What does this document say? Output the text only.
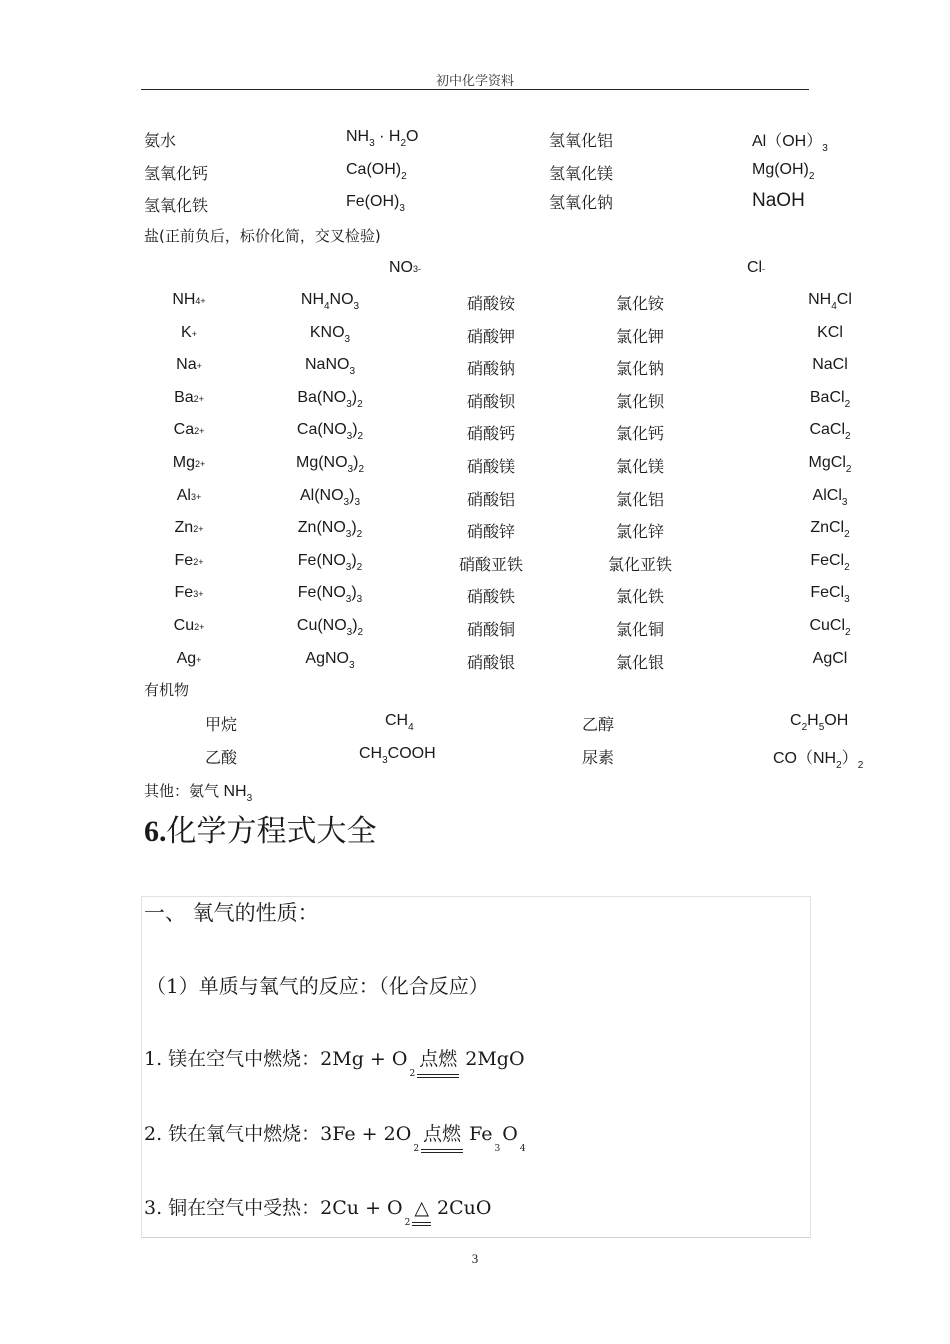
初中化学资料
氨水	$NH_3 \cdot H_2O$	氢氧化铝	$Al(OH)_3$
氢氧化钙	$Ca(OH)_2$	氢氧化镁	$Mg(OH)_2$
氢氧化铁	$Fe(OH)_3$	氢氧化钠	NaOH
盐(正前负后，标价化简，交叉检验)
NO3-	Cl-
NH4+	$NH_4NO_3$	硝酸铵	氯化铵	$NH_4Cl$
K+	$KNO_3$	硝酸钾	氯化钾	KCl
Na+	NaNO$_3$	硝酸钠	氯化钠	NaCl
Ba2+	$Ba(NO_3)_2$	硝酸钡	氯化钡	BaCl$_2$
Ca2+	$Ca(NO_3)_2$	硝酸钙	氯化钙	CaCl$_2$
Mg2+	$Mg(NO_3)_2$	硝酸镁	氯化镁	MgCl$_2$
Al3+	$Al(NO_3)_3$	硝酸铝	氯化铝	AlCl$_3$
Zn2+	$Zn(NO_3)_2$	硝酸锌	氯化锌	ZnCl$_2$
Fe2+	$Fe(NO_3)_2$	硝酸亚铁	氯化亚铁	FeCl$_2$
Fe3+	$Fe(NO_3)_3$	硝酸铁	氯化铁	FeCl$_3$
Cu2+	$Cu(NO_3)_2$	硝酸铜	氯化铜	CuCl$_2$
Ag+	AgNO$_3$	硝酸银	氯化银	AgCl
有机物
甲烷	$CH_4$	乙醇	$C_2H_5OH$
乙酸	$CH_3COOH$	尿素	$CO(NH_2)_2$
其他：氨气 $NH_3$
6.化学方程式大全
一、 氧气的性质：
（1）单质与氧气的反应：（化合反应）
1. 镁在空气中燃烧：$2Mg + O_2$点燃 2MgO
2. 铁在氧气中燃烧：$3Fe + 2O_2$点燃 $Fe_3O_4$
3. 铜在空气中受热：$2Cu + O_2\triangle$ 2CuO
3
